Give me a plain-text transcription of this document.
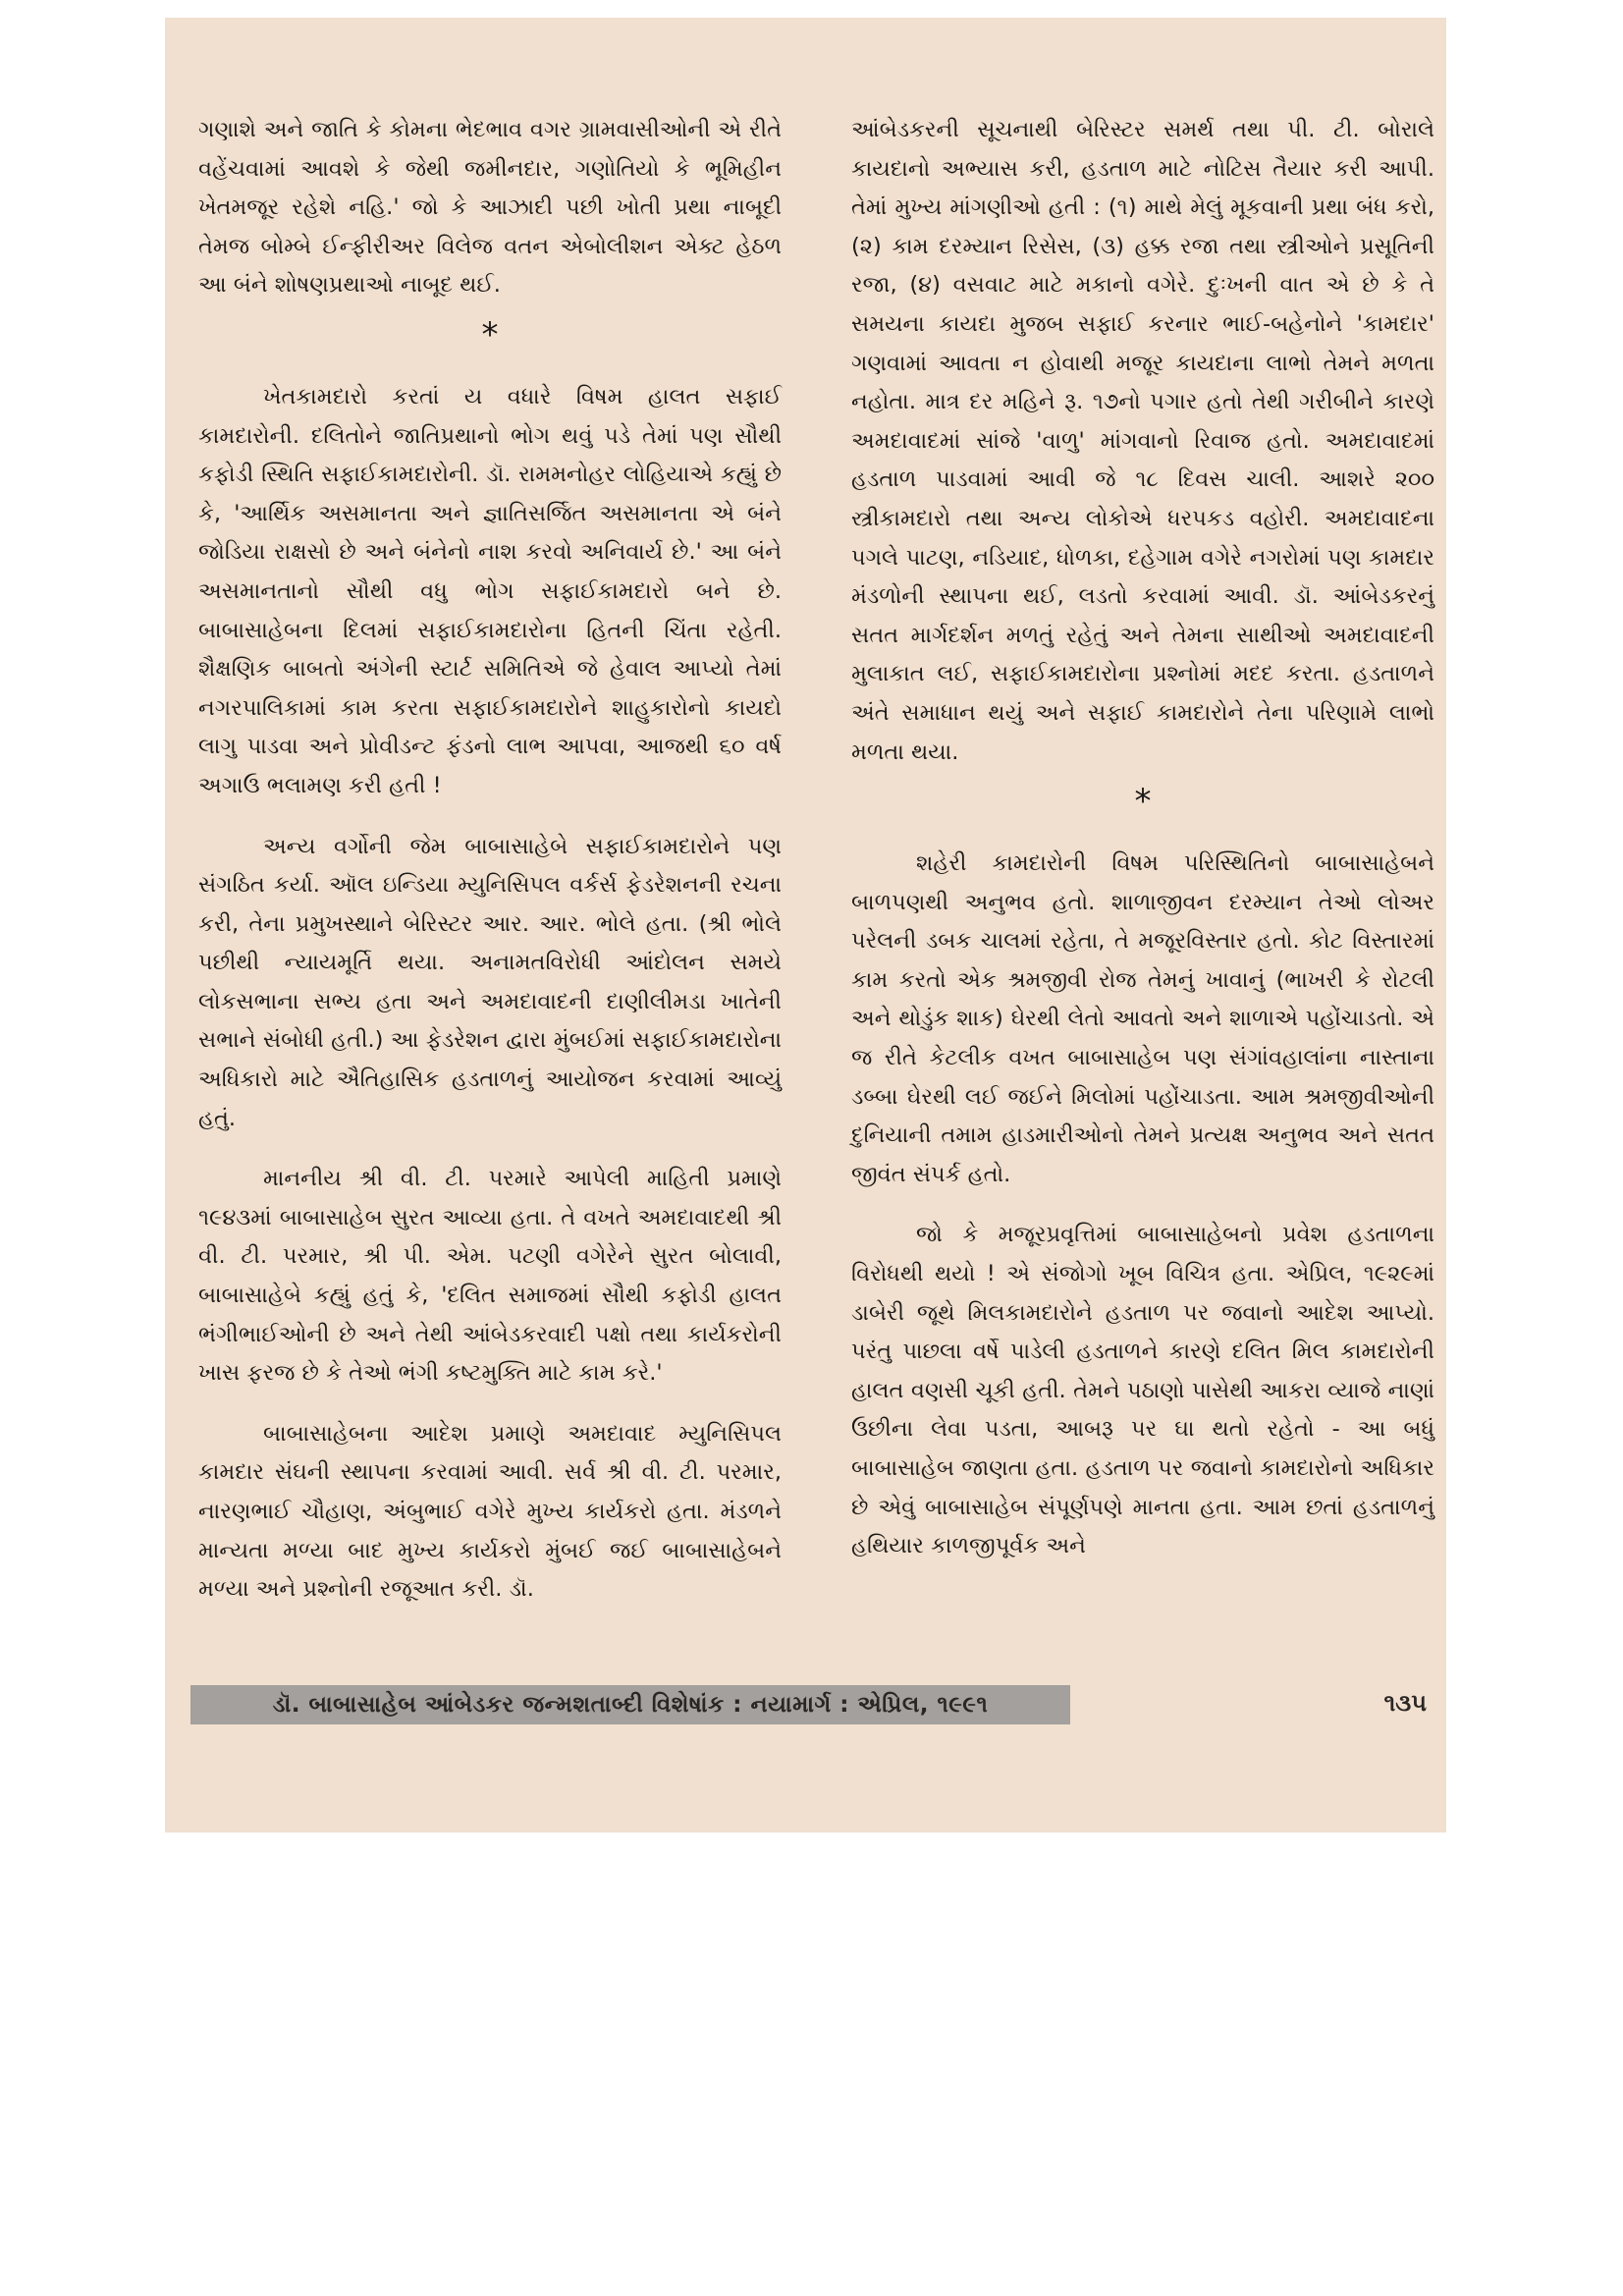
ગણાશે અને જાતિ કે કોમના ભેદભાવ વગર ગ્રામવાસીઓની એ રીતે વહેંચવામાં આવશે કે જેથી જમીનદાર, ગણોતિયો કે ભૂમિહીન ખેતમજૂર રહેશે નહિ.' જો કે આઝાદી પછી ખોતી પ્રથા નાબૂદી તેમજ બોમ્બે ઈન્ફીરીઅર વિલેજ વતન એબોલીશન એક્ટ હેઠળ આ બંને શોષણપ્રથાઓ નાબૂદ થઈ.

*

ખેતકામદારો કરતાં ય વધારે વિષમ હાલત સફાઈ કામદારોની. દલિતોને જાતિપ્રથાનો ભોગ થવું પડે તેમાં પણ સૌથી કફોડી સ્થિતિ સફાઈકામદારોની. ડૉ. રામમનોહર લોહિયાએ કહ્યું છે કે, 'આર્થિક અસમાનતા અને જ્ઞાતિસર્જિત અસમાનતા એ બંને જોડિયા રાક્ષસો છે અને બંનેનો નાશ કરવો અનિવાર્ય છે.' આ બંને અસમાનતાનો સૌથી વધુ ભોગ સફાઈકામદારો બને છે. બાબાસાહેબના દિલમાં સફાઈકામદારોના હિતની ચિંતા રહેતી. શૈક્ષણિક બાબતો અંગેની સ્ટાર્ટ સમિતિએ જે હેવાલ આપ્યો તેમાં નગરપાલિકામાં કામ કરતા સફાઈકામદારોને શાહુકારોનો કાયદો લાગુ પાડવા અને પ્રોવીડન્ટ ફંડનો લાભ આપવા, આજથી ૬૦ વર્ષ અગાઉ ભલામણ કરી હતી !

અન્ય વર્ગોની જેમ બાબાસાહેબે સફાઈકામદારોને પણ સંગઠિત કર્યા. ઑલ ઇન્ડિયા મ્યુનિસિપલ વર્કર્સ ફેડરેશનની રચના કરી, તેના પ્રમુખસ્થાને બેરિસ્ટર આર. આર. ભોલે હતા. (શ્રી ભોલે પછીથી ન્યાયમૂર્તિ થયા. અનામતવિરોધી આંદોલન સમયે લોકસભાના સભ્ય હતા અને અમદાવાદની દાણીલીમડા ખાતેની સભાને સંબોધી હતી.) આ ફેડરેશન દ્વારા મુંબઈમાં સફાઈકામદારોના અધિકારો માટે ઐતિહાસિક હડતાળનું આયોજન કરવામાં આવ્યું હતું.

માનનીય શ્રી વી. ટી. પરમારે આપેલી માહિતી પ્રમાણે ૧૯૪૩માં બાબાસાહેબ સુરત આવ્યા હતા. તે વખતે અમદાવાદથી શ્રી વી. ટી. પરમાર, શ્રી પી. એમ. પટણી વગેરેને સુરત બોલાવી, બાબાસાહેબે કહ્યું હતું કે, 'દલિત સમાજમાં સૌથી કફોડી હાલત ભંગીભાઈઓની છે અને તેથી આંબેડકરવાદી પક્ષો તથા કાર્યકરોની ખાસ ફરજ છે કે તેઓ ભંગી કષ્ટમુક્તિ માટે કામ કરે.'

બાબાસાહેબના આદેશ પ્રમાણે અમદાવાદ મ્યુનિસિપલ કામદાર સંઘની સ્થાપના કરવામાં આવી. સર્વ શ્રી વી. ટી. પરમાર, નારણભાઈ ચૌહાણ, અંબુભાઈ વગેરે મુખ્ય કાર્યકરો હતા. મંડળને માન્યતા મળ્યા બાદ મુખ્ય કાર્યકરો મુંબઈ જઈ બાબાસાહેબને મળ્યા અને પ્રશ્નોની રજૂઆત કરી. ડૉ.

આંબેડકરની સૂચનાથી બેરિસ્ટર સમર્થ તથા પી. ટી. બોરાલે કાયદાનો અભ્યાસ કરી, હડતાળ માટે નોટિસ તૈયાર કરી આપી. તેમાં મુખ્ય માંગણીઓ હતી : (૧) માથે મેલું મૂકવાની પ્રથા બંધ કરો, (૨) કામ દરમ્યાન રિસેસ, (૩) હક્ક રજા તથા સ્ત્રીઓને પ્રસૂતિની રજા, (૪) વસવાટ માટે મકાનો વગેરે. દુઃખની વાત એ છે કે તે સમયના કાયદા મુજબ સફાઈ કરનાર ભાઈ-બહેનોને 'કામદાર' ગણવામાં આવતા ન હોવાથી મજૂર કાયદાના લાભો તેમને મળતા નહોતા. માત્ર દર મહિને રૂ. ૧૭નો પગાર હતો તેથી ગરીબીને કારણે અમદાવાદમાં સાંજે 'વાળુ' માંગવાનો રિવાજ હતો. અમદાવાદમાં હડતાળ પાડવામાં આવી જે ૧૮ દિવસ ચાલી. આશરે ૨૦૦ સ્ત્રીકામદારો તથા અન્ય લોકોએ ધરપકડ વહોરી. અમદાવાદના પગલે પાટણ, નડિયાદ, ધોળકા, દહેગામ વગેરે નગરોમાં પણ કામદાર મંડળોની સ્થાપના થઈ, લડતો કરવામાં આવી. ડૉ. આંબેડકરનું સતત માર્ગદર્શન મળતું રહેતું અને તેમના સાથીઓ અમદાવાદની મુલાકાત લઈ, સફાઈકામદારોના પ્રશ્નોમાં મદદ કરતા. હડતાળને અંતે સમાધાન થયું અને સફાઈ કામદારોને તેના પરિણામે લાભો મળતા થયા.

*

શહેરી કામદારોની વિષમ પરિસ્થિતિનો બાબાસાહેબને બાળપણથી અનુભવ હતો. શાળાજીવન દરમ્યાન તેઓ લોઅર પરેલની ડબક ચાલમાં રહેતા, તે મજૂરવિસ્તાર હતો. કોટ વિસ્તારમાં કામ કરતો એક શ્રમજીવી રોજ તેમનું ખાવાનું (ભાખરી કે રોટલી અને થોડુંક શાક) ઘેરથી લેતો આવતો અને શાળાએ પહોંચાડતો. એ જ રીતે કેટલીક વખત બાબાસાહેબ પણ સંગાંવહાલાંના નાસ્તાના ડબ્બા ઘેરથી લઈ જઈને મિલોમાં પહોંચાડતા. આમ શ્રમજીવીઓની દુનિયાની તમામ હાડમારીઓનો તેમને પ્રત્યક્ષ અનુભવ અને સતત જીવંત સંપર્ક હતો.

જો કે મજૂરપ્રવૃત્તિમાં બાબાસાહેબનો પ્રવેશ હડતાળના વિરોધથી થયો ! એ સંજોગો ખૂબ વિચિત્ર હતા. એપ્રિલ, ૧૯૨૯માં ડાબેરી જૂથે મિલકામદારોને હડતાળ પર જવાનો આદેશ આપ્યો. પરંતુ પાછલા વર્ષે પાડેલી હડતાળને કારણે દલિત મિલ કામદારોની હાલત વણસી ચૂકી હતી. તેમને પઠાણો પાસેથી આકરા વ્યાજે નાણાં ઉછીના લેવા પડતા, આબરૂ પર ઘા થતો રહેતો - આ બધું બાબાસાહેબ જાણતા હતા. હડતાળ પર જવાનો કામદારોનો અધિકાર છે એવું બાબાસાહેબ સંપૂર્ણપણે માનતા હતા. આમ છતાં હડતાળનું હથિયાર કાળજીપૂર્વક અને

ડૉ. બાબાસાહેબ આંબેડકર જન્મશતાબ્દી વિશેષાંક : નયામાર્ગ : એપ્રિલ, ૧૯૯૧	૧૩૫
